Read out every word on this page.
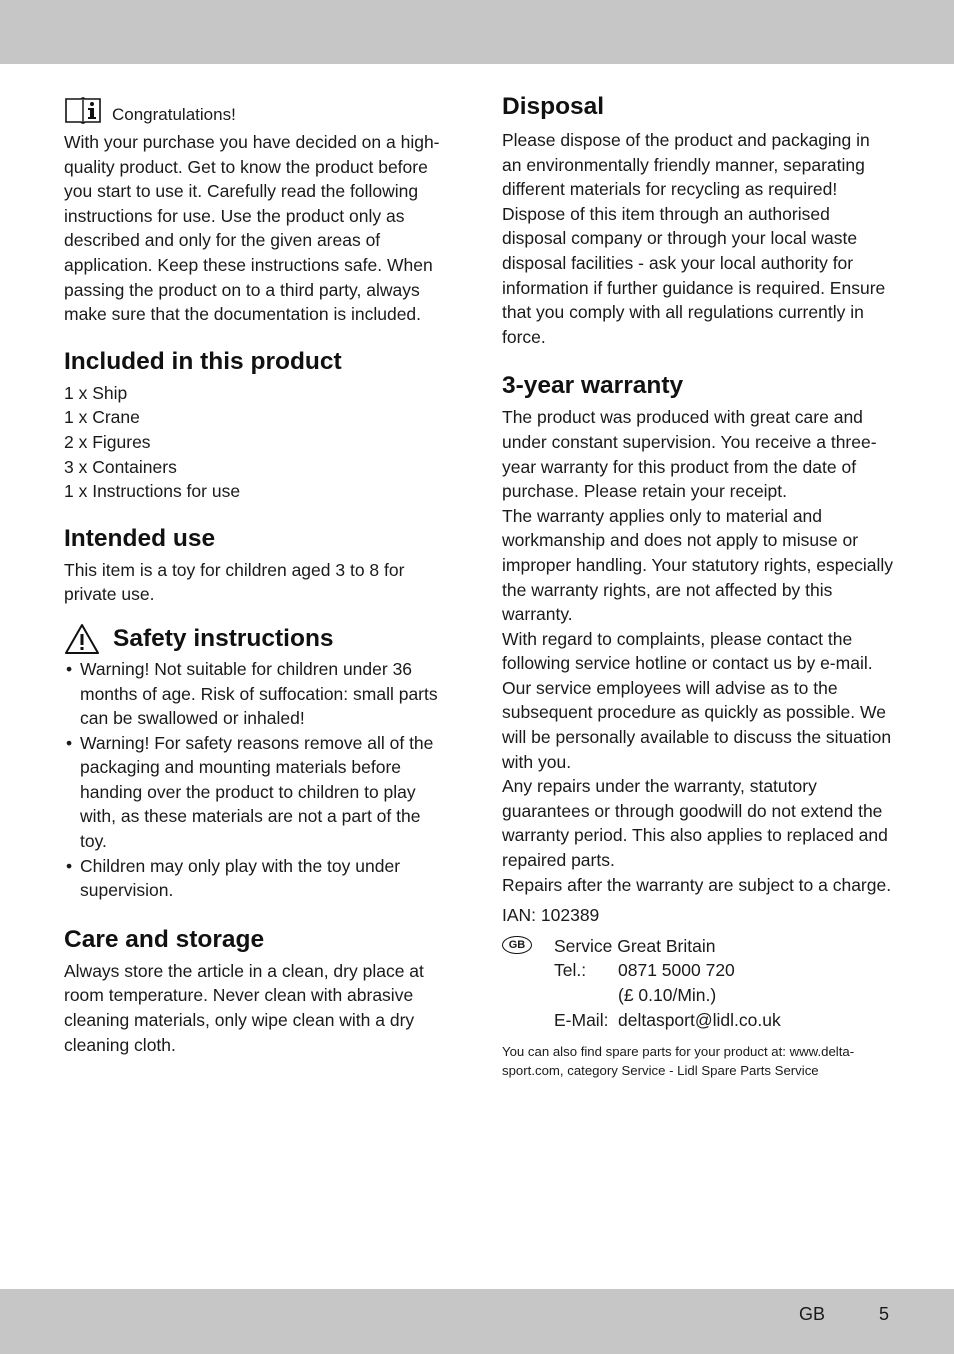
Congratulations!

With your purchase you have decided on a high-quality product. Get to know the product before you start to use it. Carefully read the following instructions for use. Use the product only as described and only for the given areas of application. Keep these instructions safe. When passing the product on to a third party, always make sure that the documentation is included.

Included in this product
1 x Ship
1 x Crane
2 x Figures
3 x Containers
1 x Instructions for use
Intended use

This item is a toy for children aged 3 to 8 for private use.

Safety instructions
• Warning! Not suitable for children under 36 months of age. Risk of suffocation: small parts can be swallowed or inhaled!
• Warning! For safety reasons remove all of the packaging and mounting materials before handing over the product to children to play with, as these materials are not a part of the toy.
• Children may only play with the toy under supervision.
Care and storage

Always store the article in a clean, dry place at room temperature. Never clean with abrasive cleaning materials, only wipe clean with a dry cleaning cloth.

Disposal

Please dispose of the product and packaging in an environmentally friendly manner, separating different materials for recycling as required! Dispose of this item through an authorised disposal company or through your local waste disposal facilities - ask your local authority for information if further guidance is required. Ensure that you comply with all regulations currently in force.

3-year warranty

The product was produced with great care and under constant supervision. You receive a three-year warranty for this product from the date of purchase. Please retain your receipt.

The warranty applies only to material and workmanship and does not apply to misuse or improper handling. Your statutory rights, especially the warranty rights, are not affected by this warranty.

With regard to complaints, please contact the following service hotline or contact us by e-mail. Our service employees will advise as to the subsequent procedure as quickly as possible. We will be personally available to discuss the situation with you.

Any repairs under the warranty, statutory guarantees or through goodwill do not extend the warranty period. This also applies to replaced and repaired parts.

Repairs after the warranty are subject to a charge.

IAN: 102389

GB	Service Great Britain
Tel.:	0871 5000 720
(£ 0.10/Min.)
E-Mail: deltasport@lidl.co.uk

You can also find spare parts for your product at: www.delta-sport.com, category Service - Lidl Spare Parts Service

GB	5
